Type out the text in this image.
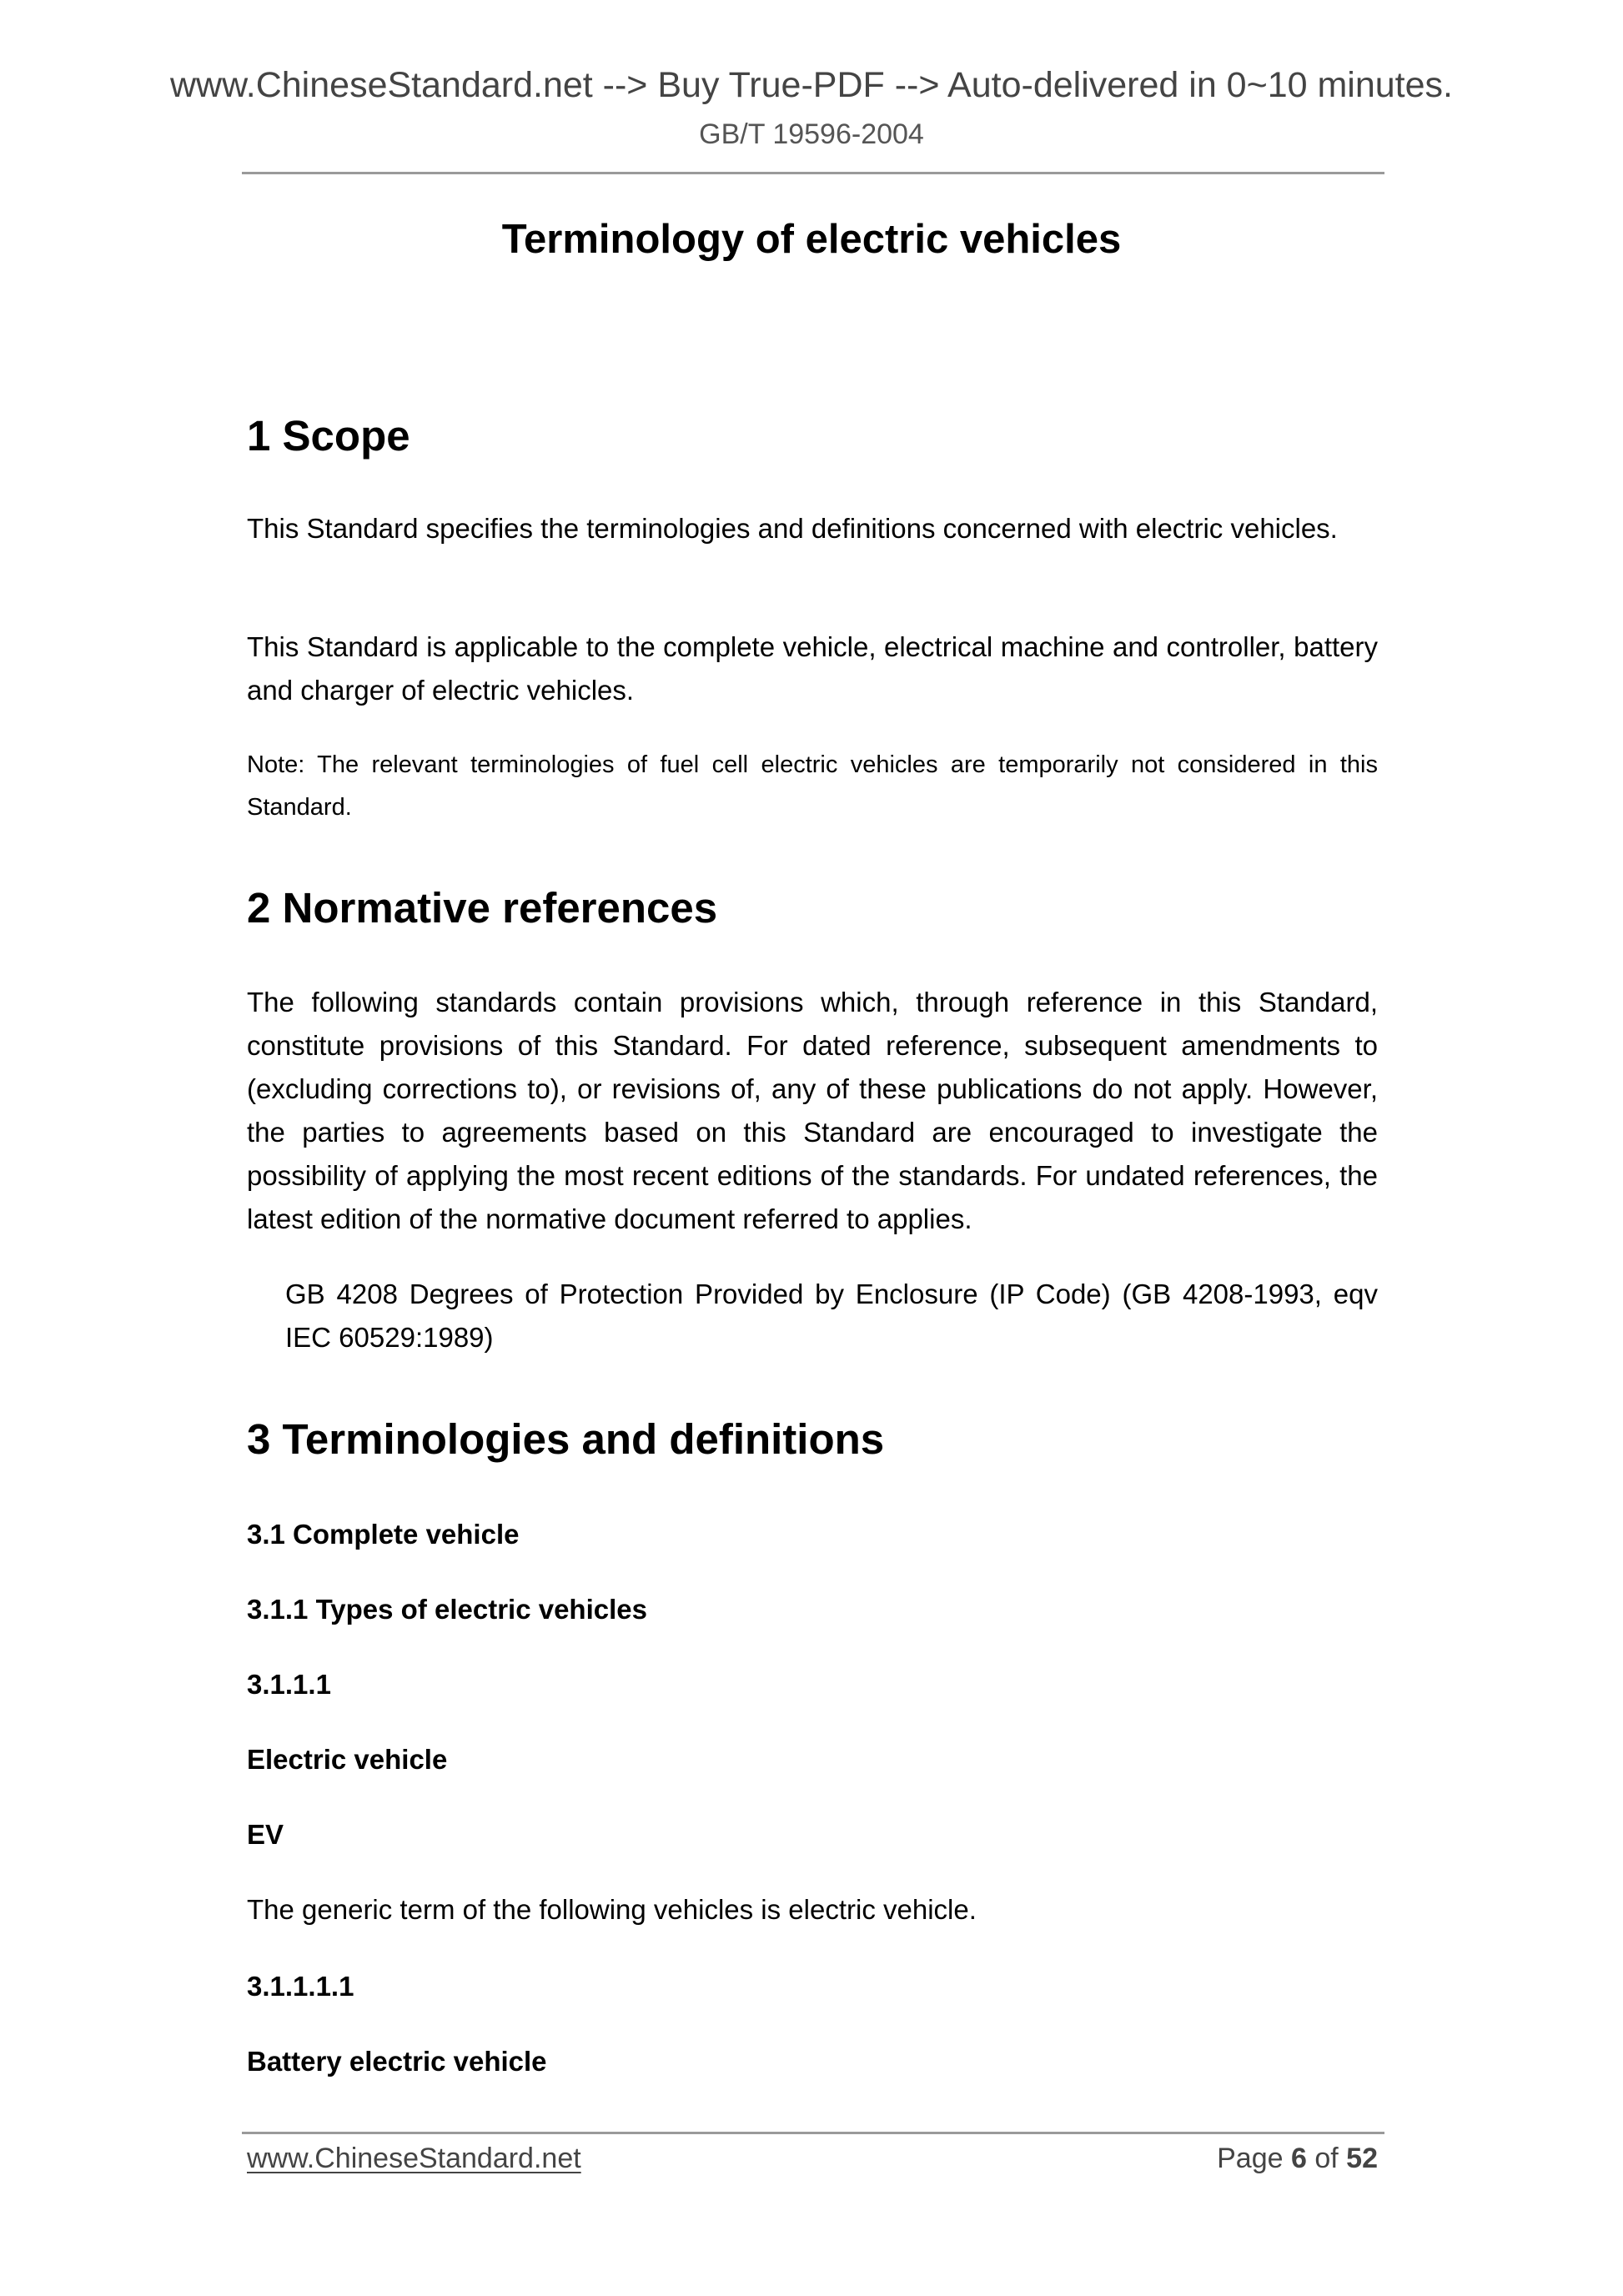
www.ChineseStandard.net --> Buy True-PDF --> Auto-delivered in 0~10 minutes.
GB/T 19596-2004
Terminology of electric vehicles
1 Scope

This Standard specifies the terminologies and definitions concerned with electric vehicles.

This Standard is applicable to the complete vehicle, electrical machine and controller, battery and charger of electric vehicles.

Note: The relevant terminologies of fuel cell electric vehicles are temporarily not considered in this Standard.

2 Normative references

The following standards contain provisions which, through reference in this Standard, constitute provisions of this Standard. For dated reference, subsequent amendments to (excluding corrections to), or revisions of, any of these publications do not apply. However, the parties to agreements based on this Standard are encouraged to investigate the possibility of applying the most recent editions of the standards. For undated references, the latest edition of the normative document referred to applies.

GB 4208 Degrees of Protection Provided by Enclosure (IP Code) (GB 4208-1993, eqv IEC 60529:1989)
3 Terminologies and definitions
3.1 Complete vehicle
3.1.1 Types of electric vehicles
3.1.1.1
Electric vehicle
EV
The generic term of the following vehicles is electric vehicle.
3.1.1.1.1
Battery electric vehicle
www.ChineseStandard.net	Page 6 of 52
